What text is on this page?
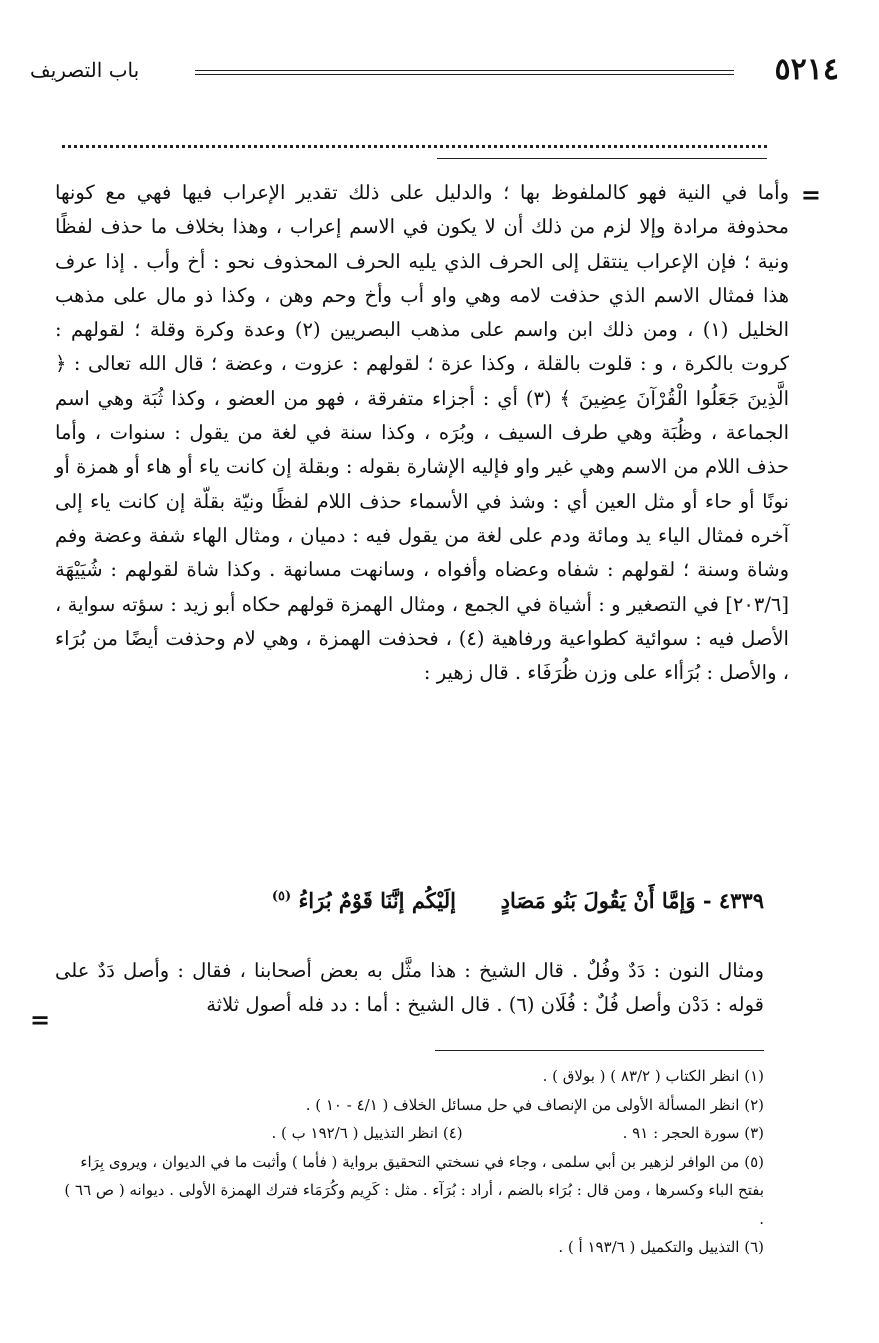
٥٢١٤
باب التصريف
=

وأما في النية فهو كالملفوظ بها ؛ والدليل على ذلك تقدير الإعراب فيها فهي مع كونها محذوفة مرادة وإلا لزم من ذلك أن لا يكون في الاسم إعراب ، وهذا بخلاف ما حذف لفظًا ونية ؛ فإن الإعراب ينتقل إلى الحرف الذي يليه الحرف المحذوف نحو : أخ وأب . إذا عرف هذا فمثال الاسم الذي حذفت لامه وهي واو أب وأخ وحم وهن ، وكذا ذو مال على مذهب الخليل (١) ، ومن ذلك ابن واسم على مذهب البصريين (٢) وعدة وكرة وقلة ؛ لقولهم : كروت بالكرة ، و : قلوت بالقلة ، وكذا عزة ؛ لقولهم : عزوت ، وعضة ؛ قال الله تعالى : ﴿ الَّذِينَ جَعَلُوا الْقُرْآنَ عِضِينَ ﴾ (٣) أي : أجزاء متفرقة ، فهو من العضو ، وكذا ثُبَة وهي اسم الجماعة ، وظُبَة وهي طرف السيف ، وبُرَه ، وكذا سنة في لغة من يقول : سنوات ، وأما حذف اللام من الاسم وهي غير واو فإليه الإشارة بقوله : وبقلة إن كانت ياء أو هاء أو همزة أو نونًا أو حاء أو مثل العين أي : وشذ في الأسماء حذف اللام لفظًا ونيّة بقلّة إن كانت ياء إلى آخره فمثال الياء يد ومائة ودم على لغة من يقول فيه : دميان ، ومثال الهاء شفة وعضة وفم وشاة وسنة ؛ لقولهم : شفاه وعضاه وأفواه ، وسانهت مسانهة . وكذا شاة لقولهم : شُيَيْهَة [٢٠٣/٦] في التصغير و : أشياة في الجمع ، ومثال الهمزة قولهم حكاه أبو زيد : سؤته سواية ، الأصل فيه : سوائية كطواعية ورفاهية (٤) ، فحذفت الهمزة ، وهي لام وحذفت أيضًا من بُرَاء ، والأصل : بُرَأاء على وزن ظُرَفَاء . قال زهير :

٤٣٣٩ - وَإمَّا أَنْ يَقُولَ بَنُو مَصَادٍ  إلَيْكُم إنَّنَا قَوْمٌ بُرَاءُ $^{(٥)}$

ومثال النون : دَدٌ وفُلٌ . قال الشيخ : هذا مثَّل به بعض أصحابنا ، فقال : وأصل دَدٌ على قوله : دَدْن وأصل فُلٌ : فُلَان (٦) . قال الشيخ : أما : دد فله أصول ثلاثة

=

(١) انظر الكتاب ( ٨٣/٢ ) ( بولاق ) .

(٢) انظر المسألة الأولى من الإنصاف في حل مسائل الخلاف ( ٤/١ - ١٠ ) .

(٣) سورة الحجر : ٩١ .
(٤) انظر التذييل ( ١٩٢/٦ ب ) .

(٥) من الوافر لزهير بن أبي سلمى ، وجاء في نسختي التحقيق برواية ( فأما ) وأثبت ما في الديوان ، ويروى بِرَاء بفتح الباء وكسرها ، ومن قال : بُرَاء بالضم ، أراد : بُرَآء . مثل : كَرِيم وكُرَمَاء فترك الهمزة الأولى . ديوانه ( ص ٦٦ ) .

(٦) التذييل والتكميل ( ١٩٣/٦ أ ) .
